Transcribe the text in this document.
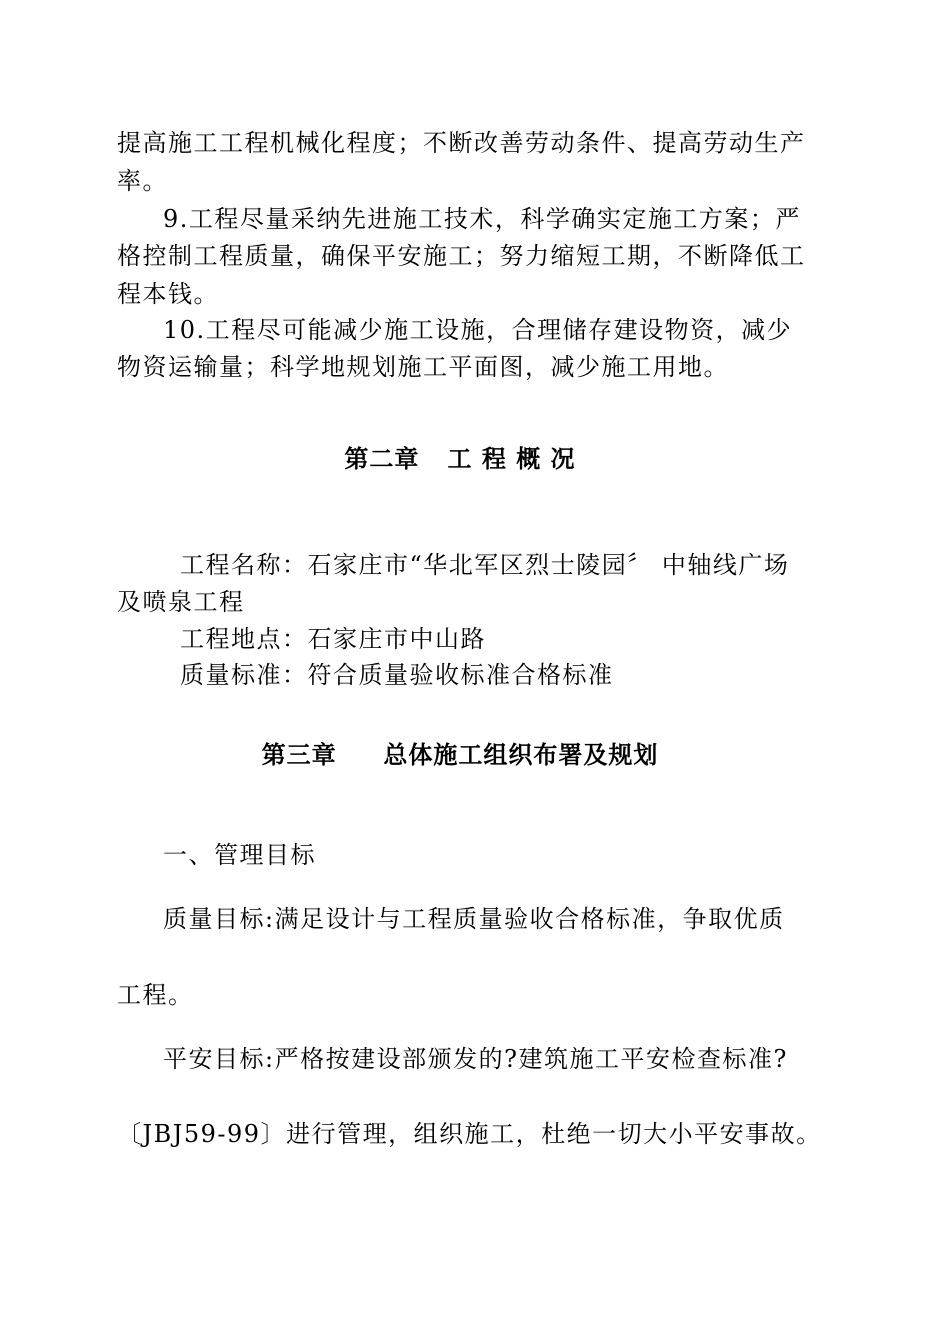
提高施工工程机械化程度；不断改善劳动条件、提高劳动生产
率。
9.工程尽量采纳先进施工技术，科学确实定施工方案；严
格控制工程质量，确保平安施工；努力缩短工期，不断降低工
程本钱。
10.工程尽可能减少施工设施，合理储存建设物资，减少
物资运输量；科学地规划施工平面图，减少施工用地。
第二章   工 程 概 况
工程名称：石家庄市“华北军区烈士陵园〞 中轴线广场
及喷泉工程
工程地点：石家庄市中山路
质量标准：符合质量验收标准合格标准
第三章     总体施工组织布署及规划
一、管理目标
质量目标:满足设计与工程质量验收合格标准，争取优质
工程。
平安目标:严格按建设部颁发的?建筑施工平安检查标准?
〔JBJ59-99〕进行管理，组织施工，杜绝一切大小平安事故。
